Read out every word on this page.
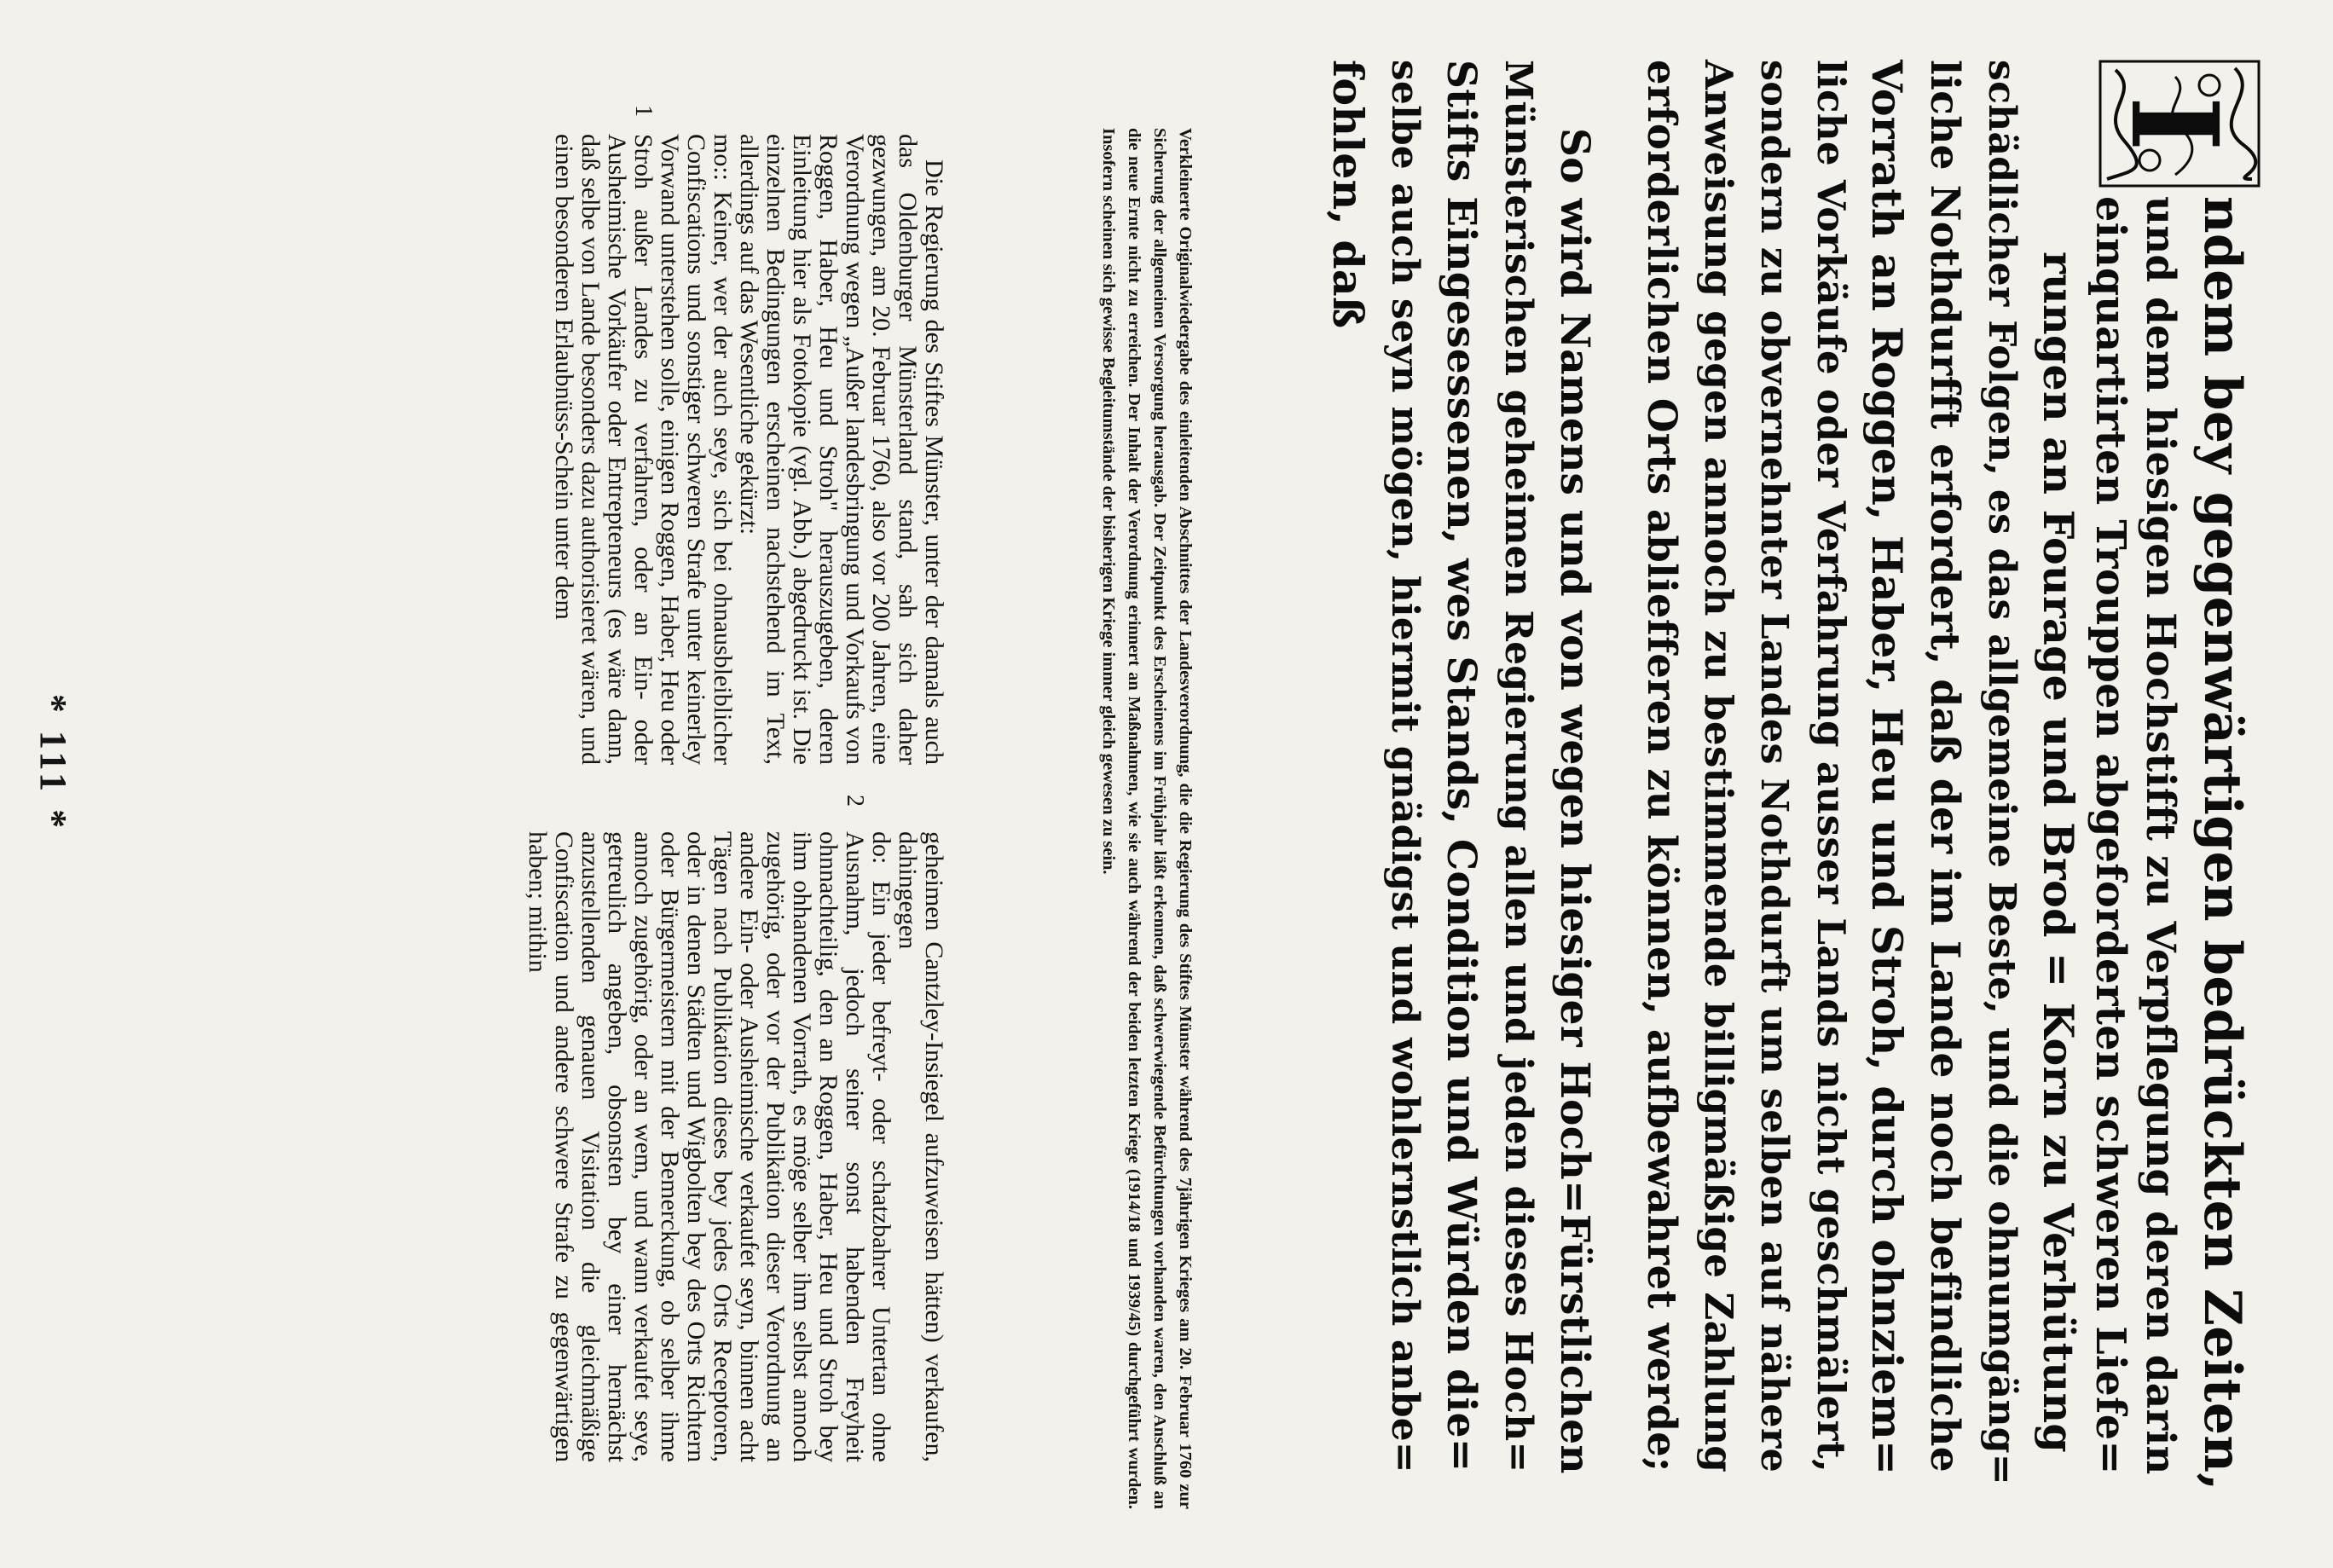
I
ndem bey gegenwärtigen bedrückten Zeiten,
und dem hiesigen Hochstifft zu Verpflegung deren darin
einquartirten Trouppen abgeforderten schweren Liefe=
rungen an Fourage und Brod = Korn zu Verhütung
schädlicher Folgen, es das allgemeine Beste, und die ohnumgäng=
liche Nothdurfft erfordert, daß der im Lande noch befindliche
Vorrath an Roggen, Haber, Heu und Stroh, durch ohnziem=
liche Vorkäufe oder Verfahrung ausser Lands nicht geschmälert,
sondern zu obvernehnter Landes Nothdurft um selben auf nähere
Anweisung gegen annoch zu bestimmende billigmäßige Zahlung
erforderlichen Orts abliefferen zu können, aufbewahret werde;
So wird Namens und von wegen hiesiger Hoch=Fürstlichen
Münsterischen geheimen Regierung allen und jeden dieses Hoch=
Stifts Eingesessenen, wes Stands, Condition und Würden die=
selbe auch seyn mögen, hiermit gnädigst und wohlernstlich anbe=
fohlen, daß

Verkleinerte Originalwiedergabe des einleitenden Abschnittes der Landesverordnung, die die Regierung des Stiftes Münster während des 7jährigen Krieges am 20. Februar 1760 zur Sicherung der allgemeinen Versorgung herausgab. Der Zeitpunkt des Erscheinens im Frühjahr läßt erkennen, daß schwerwiegende Befürchtungen vorhanden waren, den Anschluß an die neue Ernte nicht zu erreichen. Der Inhalt der Verordnung erinnert an Maßnahmen, wie sie auch während der beiden letzten Kriege (1914/18 und 1939/45) durchgeführt wurden. Insofern scheinen sich gewisse Begleitumstände der bisherigen Kriege immer gleich gewesen zu sein.

Die Regierung des Stiftes Münster, unter der damals auch das Oldenburger Münsterland stand, sah sich daher gezwungen, am 20. Februar 1760, also vor 200 Jahren, eine Verordnung wegen „Außer landesbringung und Vorkaufs von Roggen, Haber, Heu und Stroh" herauszugeben, deren Einleitung hier als Fotokopie (vgl. Abb.) abgedruckt ist. Die einzelnen Bedingungen erscheinen nachstehend im Text, allerdings auf das Wesentliche gekürzt:

1

mo:: Keiner, wer der auch seye, sich bei ohnausbleiblicher Confiscations und sonstiger schweren Strafe unter keinerley Vorwand unterstehen solle, einigen Roggen, Haber, Heu oder Stroh außer Landes zu verfahren, oder an Ein- oder Ausheimische Vorkäufer oder Entrepteneurs (es wäre dann, daß selbe von Lande besonders dazu authorisieret wären, und einen besonderen Erlaubnüss-Schein unter dem

geheimen Cantzley-Insiegel aufzuweisen hätten) verkaufen, dahingegen

2

do: Ein jeder befreyt- oder schatzbahrer Untertan ohne Ausnahm, jedoch seiner sonst habenden Freyheit ohnnachteilig, den an Roggen, Haber, Heu und Stroh bey ihm ohhandenen Vorrath, es möge selber ihm selbst annoch zugehörig, oder vor der Publikation dieser Verordnung an andere Ein- oder Ausheimische verkaufet seyn, binnen acht Tägen nach Publikation dieses bey jedes Orts Receptoren, oder in denen Städten und Wigbolten bey des Orts Richtern oder Bürgermeistern mit der Bemerckung, ob selber ihme annoch zugehörig, oder an wem, und wann verkaufet seye, getreulich angeben, obsonsten bey einer hernächst anzustellenden genauen Visitation die gleichmäßige Confiscation und andere schwere Strafe zu gegenwärtigen haben; mithin

* 111 *
